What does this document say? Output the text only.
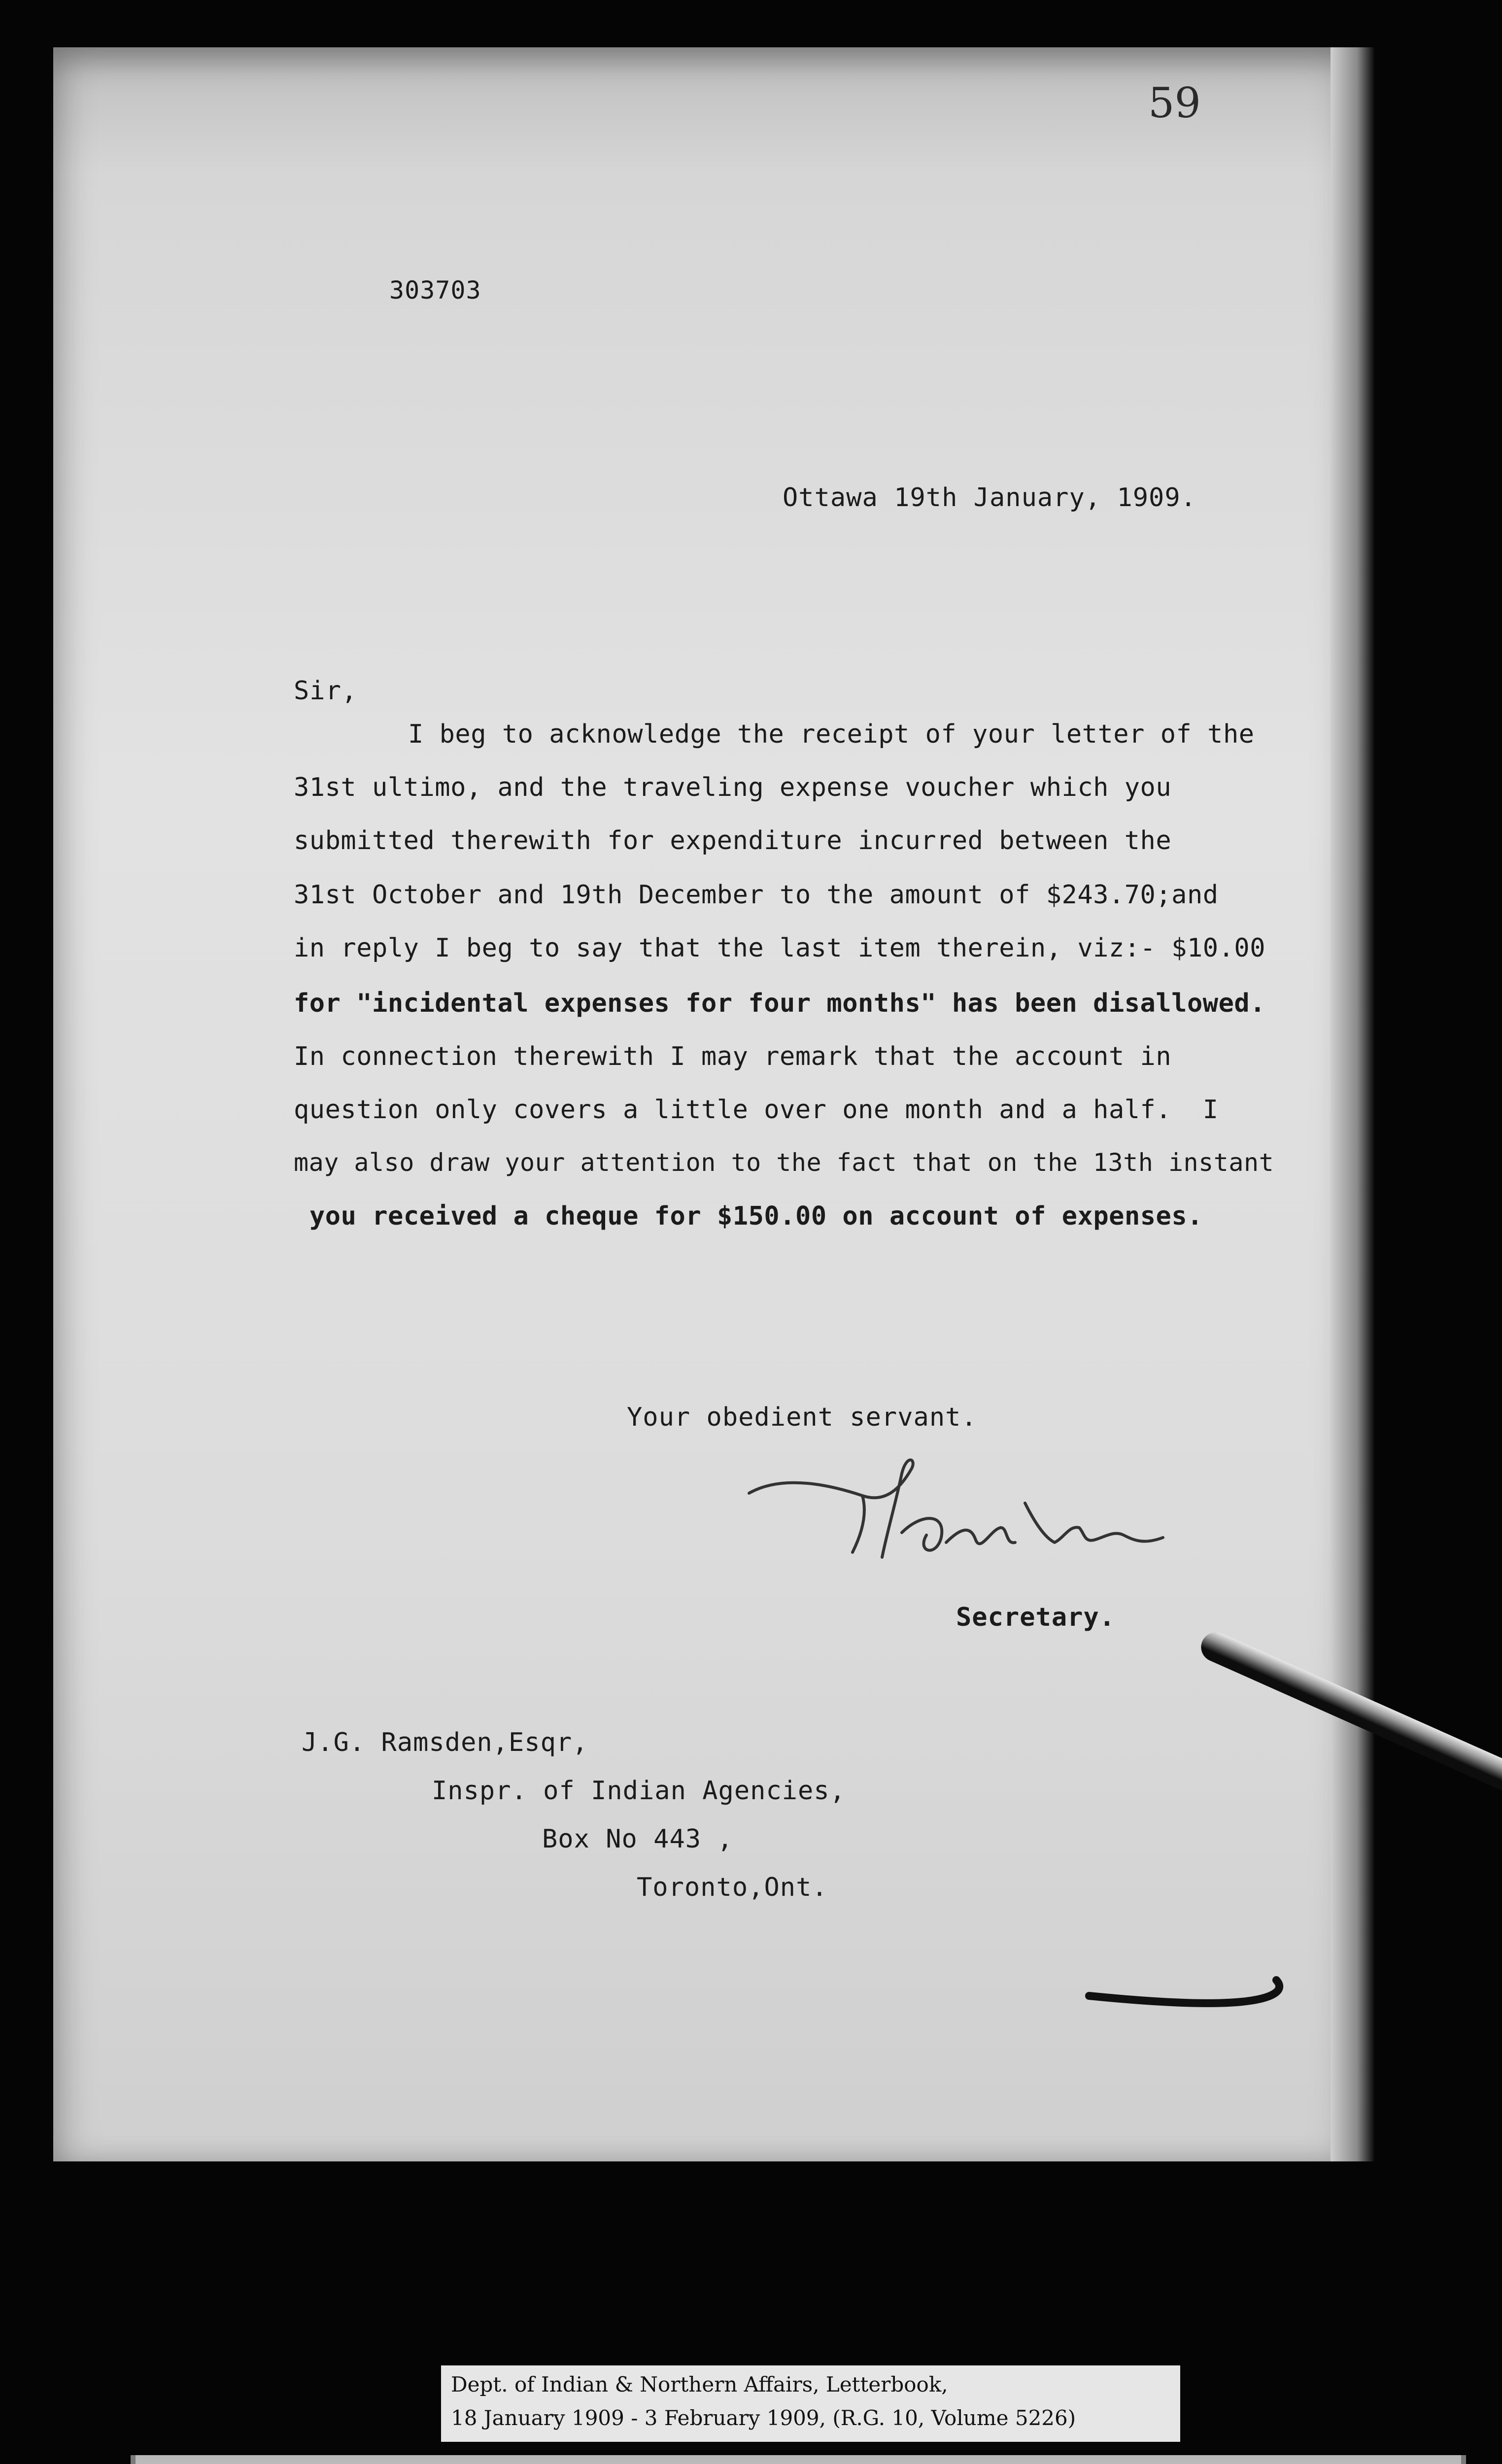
59
303703
Ottawa 19th January, 1909.
Sir,
I beg to acknowledge the receipt of your letter of the
31st ultimo, and the traveling expense voucher which you
submitted therewith for expenditure incurred between the
31st October and 19th December to the amount of $243.70;and
in reply I beg to say that the last item therein, viz:- $10.00
for "incidental expenses for four months" has been disallowed.
In connection therewith I may remark that the account in
question only covers a little over one month and a half.  I
may also draw your attention to the fact that on the 13th instant
you received a cheque for $150.00 on account of expenses.
Your obedient servant.
Secretary.
J.G. Ramsden,Esqr,
Inspr. of Indian Agencies,
Box No 443 ,
Toronto,Ont.
Dept. of Indian & Northern Affairs, Letterbook,
18 January 1909 - 3 February 1909, (R.G. 10, Volume 5226)
